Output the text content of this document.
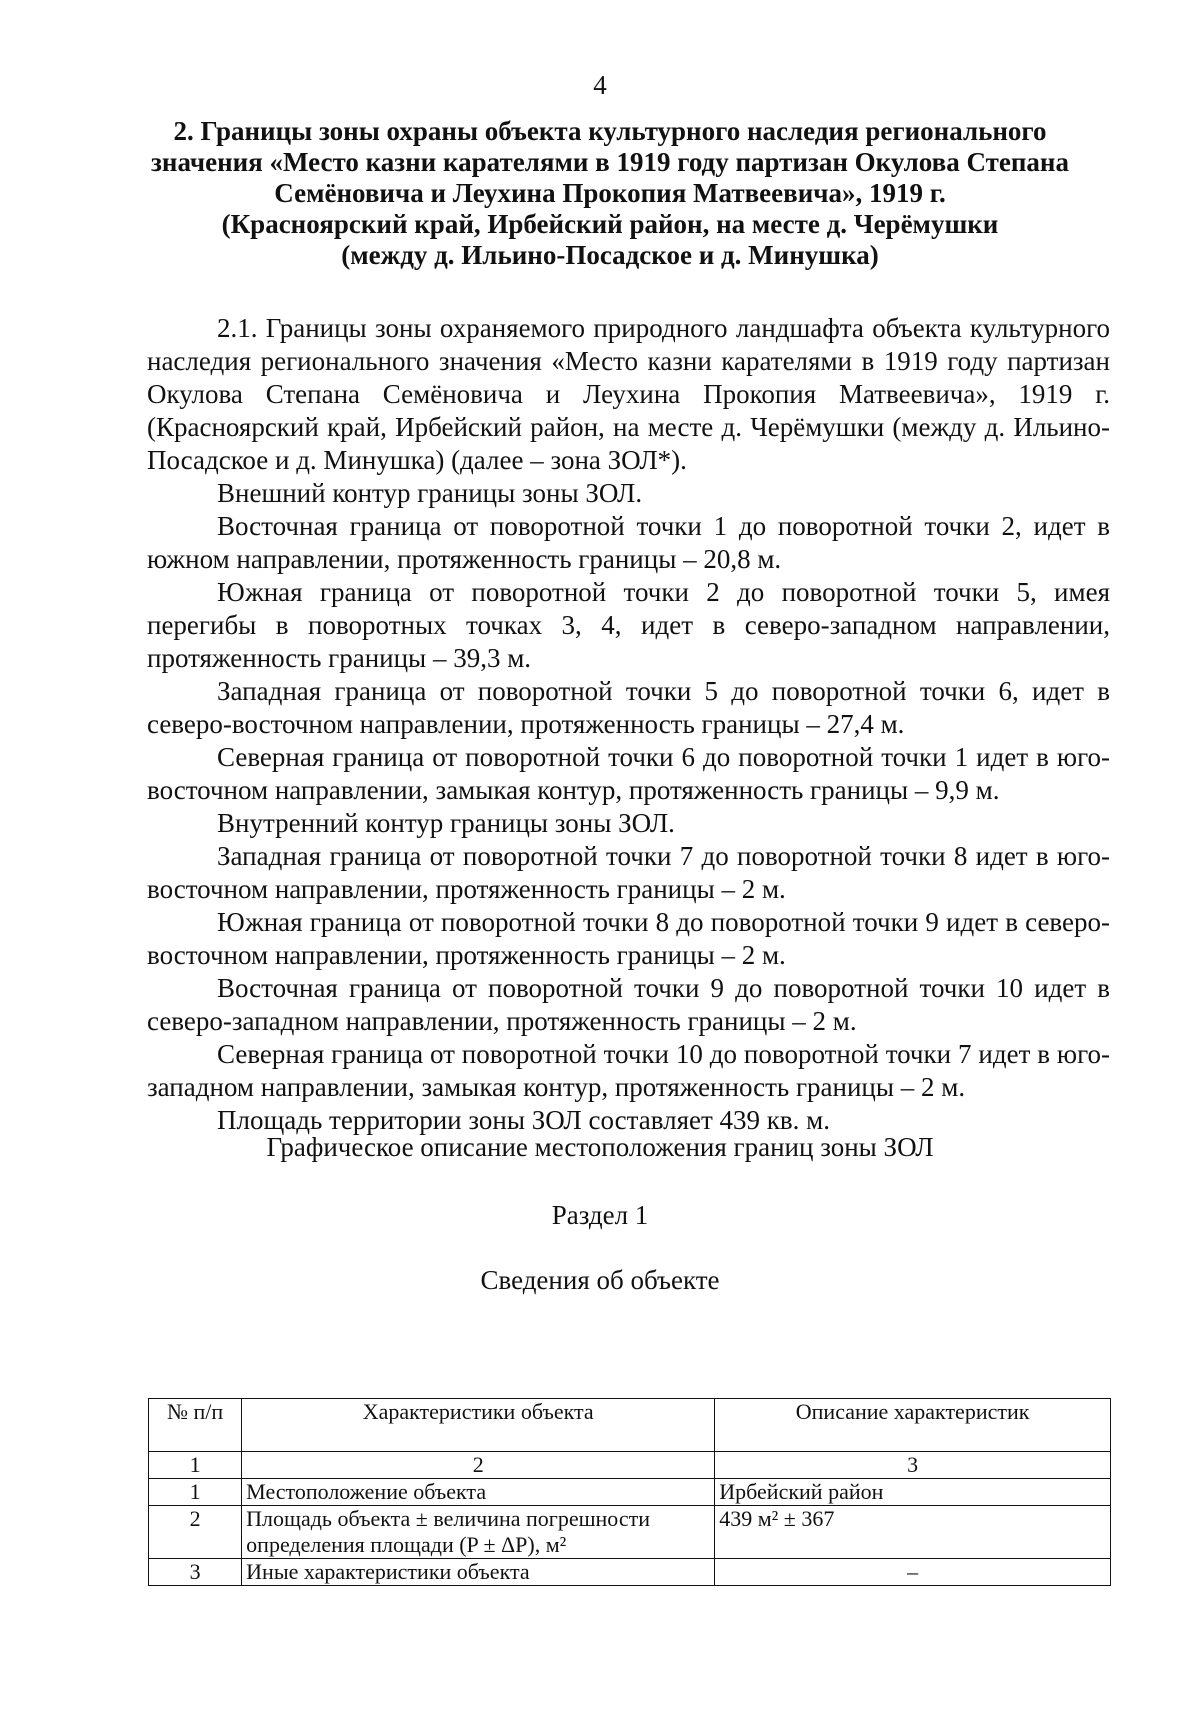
4
2. Границы зоны охраны объекта культурного наследия регионального
значения «Место казни карателями в 1919 году партизан Окулова Степана
Семёновича и Леухина Прокопия Матвеевича», 1919 г.
(Красноярский край, Ирбейский район, на месте д. Черёмушки
(между д. Ильино-Посадское и д. Минушка)

2.1. Границы зоны охраняемого природного ландшафта объекта культурного наследия регионального значения «Место казни карателями в 1919 году партизан Окулова Степана Семёновича и Леухина Прокопия Матвеевича», 1919 г. (Красноярский край, Ирбейский район, на месте д. Черёмушки (между д. Ильино-Посадское и д. Минушка) (далее – зона ЗОЛ*).

Внешний контур границы зоны ЗОЛ.

Восточная граница от поворотной точки 1 до поворотной точки 2, идет в южном направлении, протяженность границы – 20,8 м.

Южная граница от поворотной точки 2 до поворотной точки 5, имея перегибы в поворотных точках 3, 4, идет в северо-западном направлении, протяженность границы – 39,3 м.

Западная граница от поворотной точки 5 до поворотной точки 6, идет в северо-восточном направлении, протяженность границы – 27,4 м.

Северная граница от поворотной точки 6 до поворотной точки 1 идет в юго-восточном направлении, замыкая контур, протяженность границы – 9,9 м.

Внутренний контур границы зоны ЗОЛ.

Западная граница от поворотной точки 7 до поворотной точки 8 идет в юго-восточном направлении, протяженность границы – 2 м.

Южная граница от поворотной точки 8 до поворотной точки 9 идет в северо-восточном направлении, протяженность границы – 2 м.

Восточная граница от поворотной точки 9 до поворотной точки 10 идет в северо-западном направлении, протяженность границы – 2 м.

Северная граница от поворотной точки 10 до поворотной точки 7 идет в юго-западном направлении, замыкая контур, протяженность границы – 2 м.

Площадь территории зоны ЗОЛ составляет 439 кв. м.

Графическое описание местоположения границ зоны ЗОЛ
Раздел 1
Сведения об объекте
№ п/п	Характеристики объекта	Описание характеристик
1	2	3
1	Местоположение объекта	Ирбейский район
2	Площадь объекта ± величина погрешности определения площади (P ± ΔP), м²	439 м² ± 367
3	Иные характеристики объекта	–
